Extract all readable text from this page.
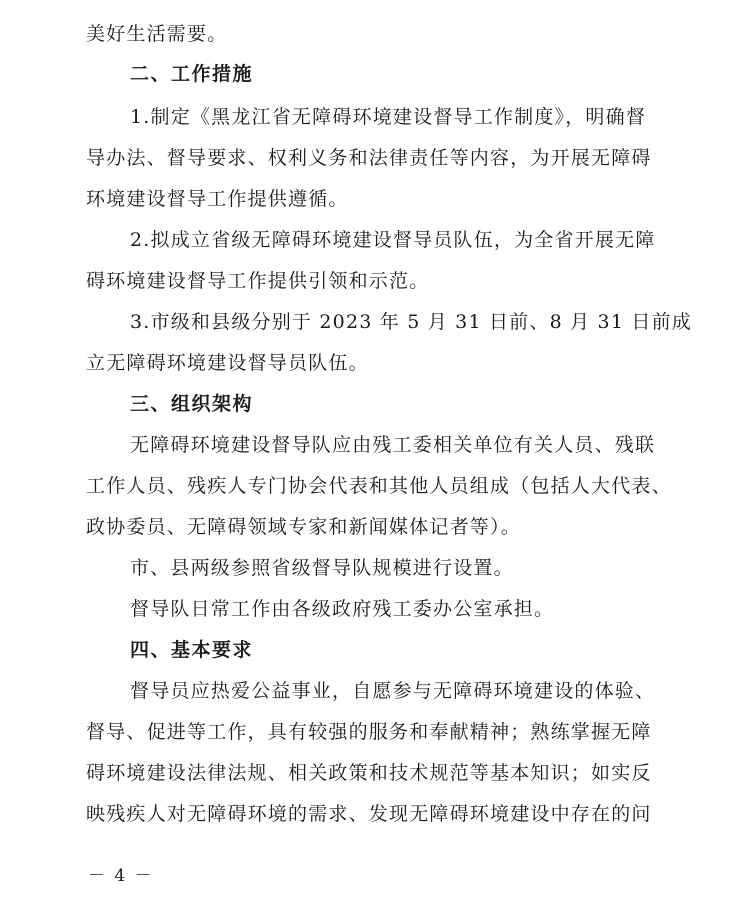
美好生活需要。
二、工作措施
1.制定《黑龙江省无障碍环境建设督导工作制度》，明确督
导办法、督导要求、权利义务和法律责任等内容，为开展无障碍
环境建设督导工作提供遵循。
2.拟成立省级无障碍环境建设督导员队伍，为全省开展无障
碍环境建设督导工作提供引领和示范。
3.市级和县级分别于 2023 年 5 月 31 日前、8 月 31 日前成
立无障碍环境建设督导员队伍。
三、组织架构
无障碍环境建设督导队应由残工委相关单位有关人员、残联
工作人员、残疾人专门协会代表和其他人员组成（包括人大代表、
政协委员、无障碍领域专家和新闻媒体记者等）。
市、县两级参照省级督导队规模进行设置。
督导队日常工作由各级政府残工委办公室承担。
四、基本要求
督导员应热爱公益事业，自愿参与无障碍环境建设的体验、
督导、促进等工作，具有较强的服务和奉献精神；熟练掌握无障
碍环境建设法律法规、相关政策和技术规范等基本知识；如实反
映残疾人对无障碍环境的需求、发现无障碍环境建设中存在的问
－ 4 －
